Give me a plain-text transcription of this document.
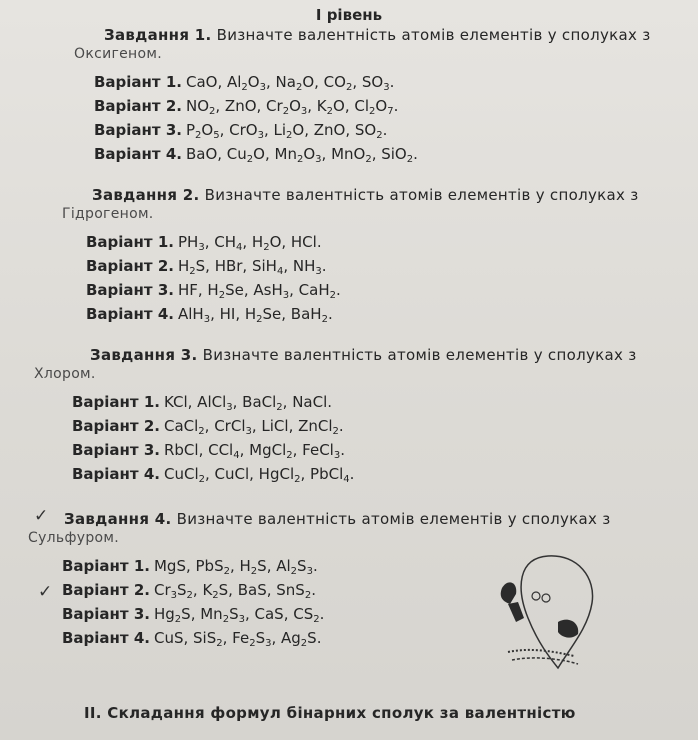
І рівень
Завдання 1. Визначте валентність атомів елементів у сполуках з
Оксигеном.
Варіант 1. CaO, $Al_2O_3$, $Na_2O$, $CO_2$, $SO_3$.
Варіант 2. $NO_2$, ZnO, $Cr_2O_3$, $K_2O$, $Cl_2O_7$.
Варіант 3. $P_2O_5$, CrO$_3$, $Li_2O$, ZnO, $SO_2$.
Варіант 4. BaO, $Cu_2O$, $Mn_2O_3$, MnO$_2$, SiO$_2$.
Завдання 2. Визначте валентність атомів елементів у сполуках з
Гідрогеном.
Варіант 1. $PH_3$, $CH_4$, $H_2O$, HCl.
Варіант 2. $H_2S$, HBr, SiH$_4$, $NH_3$.
Варіант 3. HF, $H_2Se$, AsH$_3$, CaH$_2$.
Варіант 4. AlH$_3$, HI, $H_2Se$, BaH$_2$.
Завдання 3. Визначте валентність атомів елементів у сполуках з
Хлором.
Варіант 1. KCl, AlCl$_3$, BaCl$_2$, NaCl.
Варіант 2. CaCl$_2$, CrCl$_3$, LiCl, ZnCl$_2$.
Варіант 3. RbCl, CCl$_4$, MgCl$_2$, FeCl$_3$.
Варіант 4. CuCl$_2$, CuCl, HgCl$_2$, PbCl$_4$.
✓	Завдання 4. Визначте валентність атомів елементів у сполуках з
Сульфуром.
Варіант 1. MgS, PbS$_2$, $H_2S$, $Al_2S_3$.
Варіант 2. $Cr_3S_2$, $K_2S$, BaS, SnS$_2$.
Варіант 3. $Hg_2S$, $Mn_2S_3$, CaS, $CS_2$.
Варіант 4. CuS, SiS$_2$, $Fe_2S_3$, $Ag_2S$.
✓
ІІ. Складання формул бінарних сполук за валентністю
